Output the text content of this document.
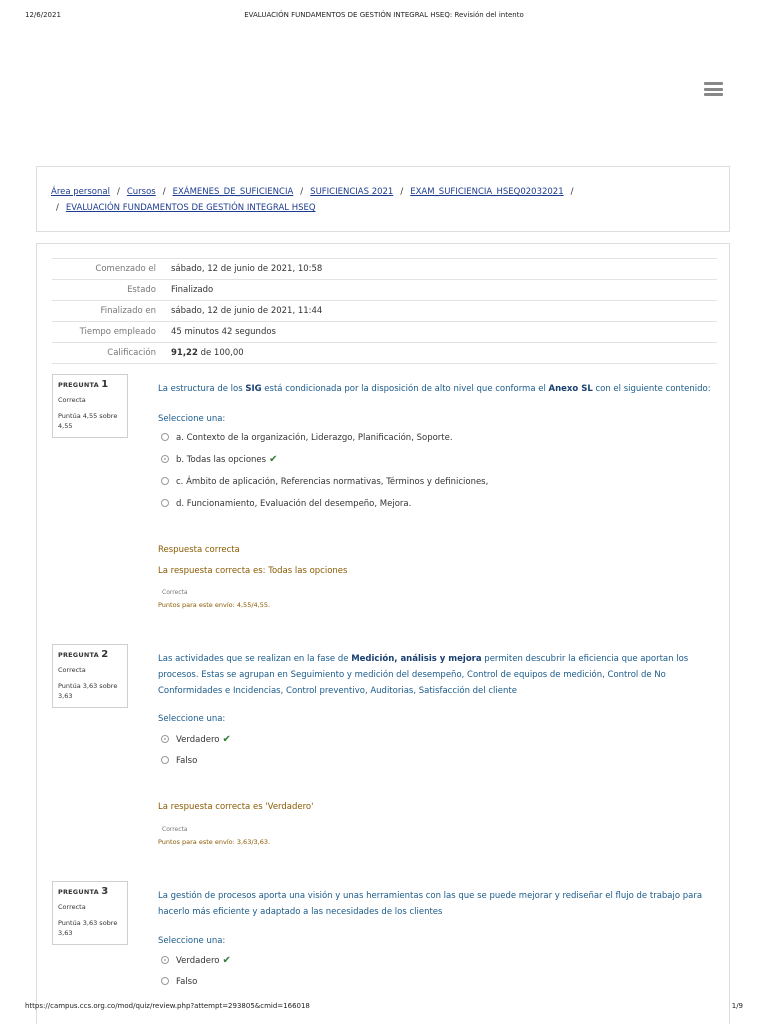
12/6/2021	EVALUACIÓN FUNDAMENTOS DE GESTIÓN INTEGRAL HSEQ: Revisión del intento
Área personal / Cursos / EXÁMENES_DE_SUFICIENCIA / SUFICIENCIAS 2021 / EXAM_SUFICIENCIA_HSEQ02032021 /
/ EVALUACIÓN FUNDAMENTOS DE GESTIÓN INTEGRAL HSEQ
Comenzado el	sábado, 12 de junio de 2021, 10:58
Estado	Finalizado
Finalizado en	sábado, 12 de junio de 2021, 11:44
Tiempo empleado	45 minutos 42 segundos
Calificación	91,22 de 100,00
PREGUNTA 1
Correcta
Puntúa 4,55 sobre 4,55
La estructura de los SIG está condicionada por la disposición de alto nivel que conforma el Anexo SL con el siguiente contenido:
Seleccione una:
a. Contexto de la organización, Liderazgo, Planificación, Soporte.
b. Todas las opciones ✔
c. Ámbito de aplicación, Referencias normativas, Términos y definiciones,
d. Funcionamiento, Evaluación del desempeño, Mejora.
Respuesta correcta
La respuesta correcta es: Todas las opciones
Correcta
Puntos para este envío: 4,55/4,55.
PREGUNTA 2
Correcta
Puntúa 3,63 sobre 3,63
Las actividades que se realizan en la fase de Medición, análisis y mejora permiten descubrir la eficiencia que aportan los procesos. Estas se agrupan en Seguimiento y medición del desempeño, Control de equipos de medición, Control de No Conformidades e Incidencias, Control preventivo, Auditorias, Satisfacción del cliente
Seleccione una:
Verdadero ✔
Falso
La respuesta correcta es 'Verdadero'
Correcta
Puntos para este envío: 3,63/3,63.
PREGUNTA 3
Correcta
Puntúa 3,63 sobre 3,63
La gestión de procesos aporta una visión y unas herramientas con las que se puede mejorar y rediseñar el flujo de trabajo para hacerlo más eficiente y adaptado a las necesidades de los clientes
Seleccione una:
Verdadero ✔
Falso
https://campus.ccs.org.co/mod/quiz/review.php?attempt=293805&cmid=166018	1/9
